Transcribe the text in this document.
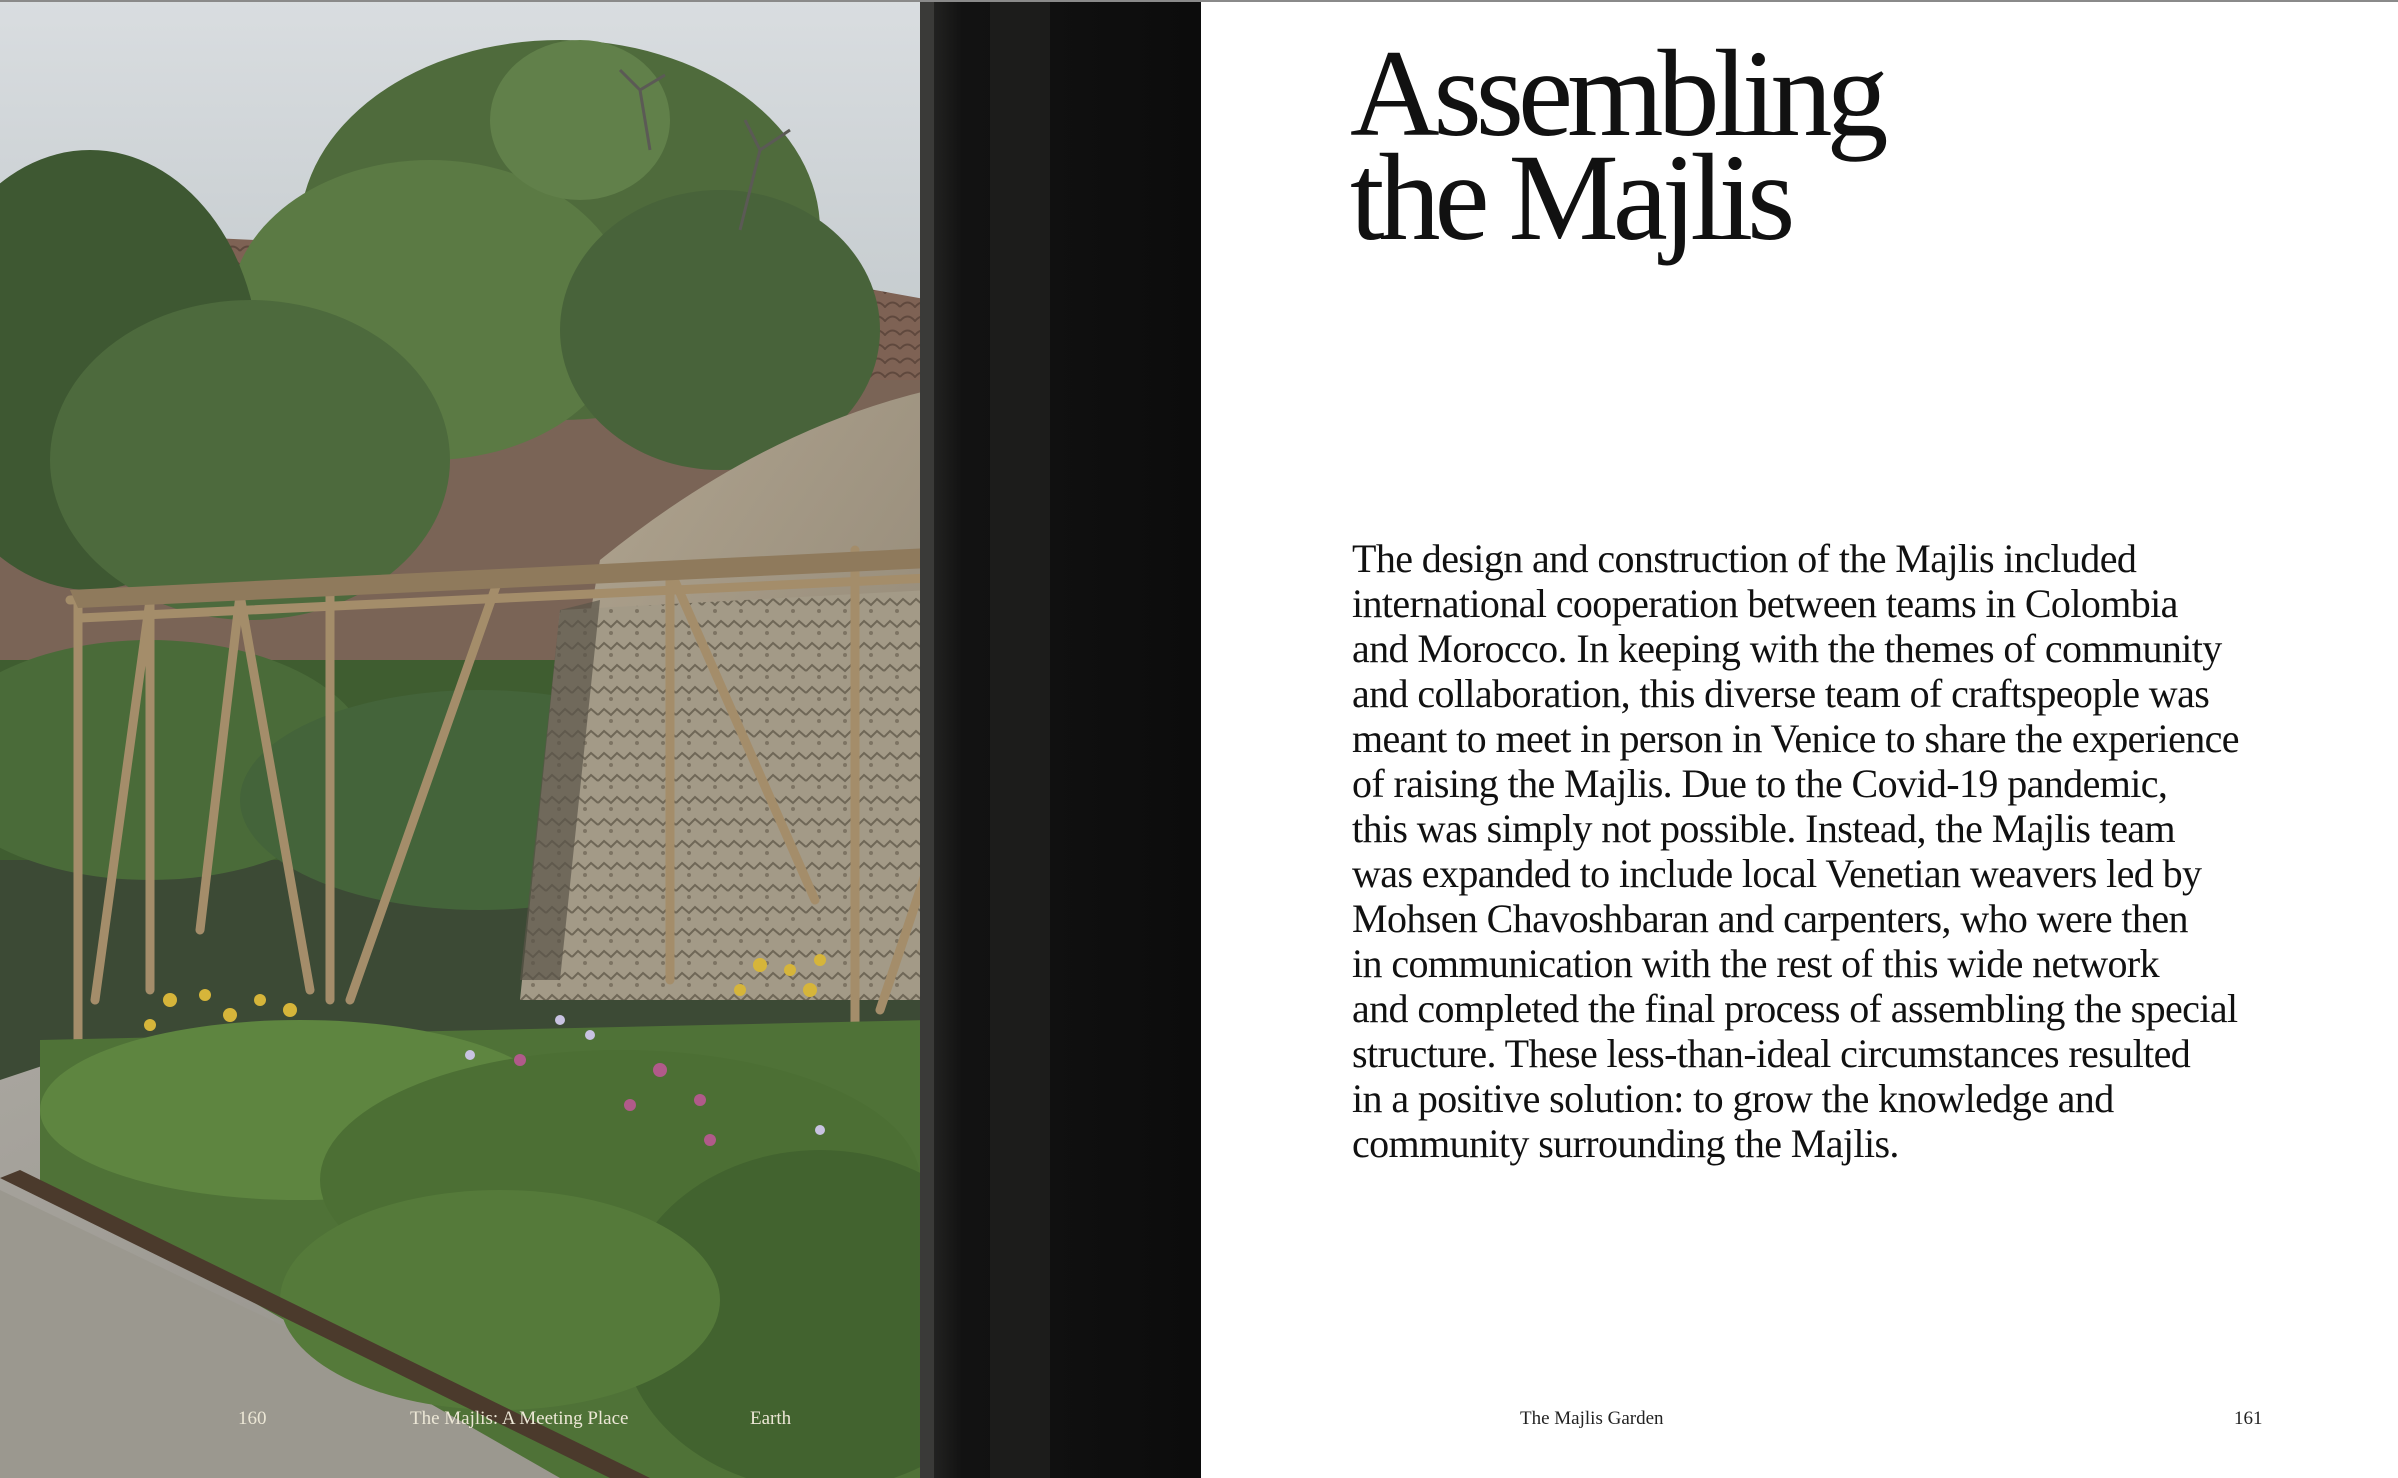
160	The Majlis: A Meeting Place	Earth
Assembling
the Majlis

The design and construction of the Majlis included
international cooperation between teams in Colombia
and Morocco. In keeping with the themes of community
and collaboration, this diverse team of craftspeople was
meant to meet in person in Venice to share the experience
of raising the Majlis. Due to the Covid-19 pandemic,
this was simply not possible. Instead, the Majlis team
was expanded to include local Venetian weavers led by
Mohsen Chavoshbaran and carpenters, who were then
in communication with the rest of this wide network
and completed the final process of assembling the special
structure. These less-than-ideal circumstances resulted
in a positive solution: to grow the knowledge and
community surrounding the Majlis.

The Majlis Garden	161
